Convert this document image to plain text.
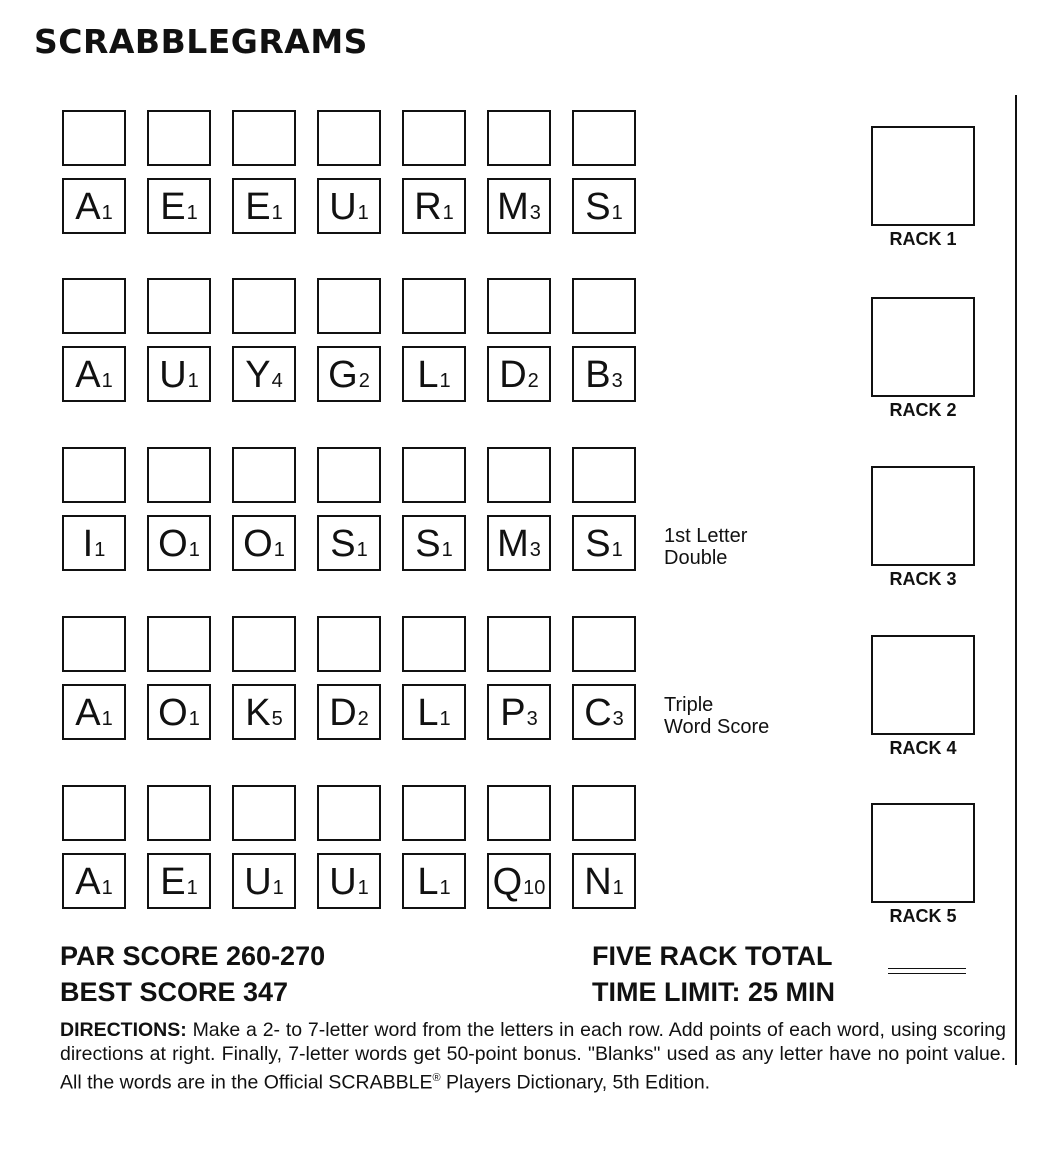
SCRABBLEGRAMS
PAR SCORE 260-270
BEST SCORE 347
FIVE RACK TOTAL
TIME LIMIT: 25 MIN
DIRECTIONS: Make a 2- to 7-letter word from the letters in each row. Add points of each word, using scoring directions at right. Finally, 7-letter words get 50-point bonus. "Blanks" used as any letter have no point value. All the words are in the Official SCRABBLE® Players Dictionary, 5th Edition.
A 1 E 1 E 1 U 1 R 1 M 3 S 1
RACK 1
A 1 U 1 Y 4 G 2 L 1 D 2 B 3
RACK 2
I 1 O 1 O 1 S 1 S 1 M 3 S 1
1st Letter
Double
RACK 3
A 1 O 1 K 5 D 2 L 1 P 3 C 3
Triple
Word Score
RACK 4
A 1 E 1 U 1 U 1 L 1 Q 10 N 1
RACK 5
